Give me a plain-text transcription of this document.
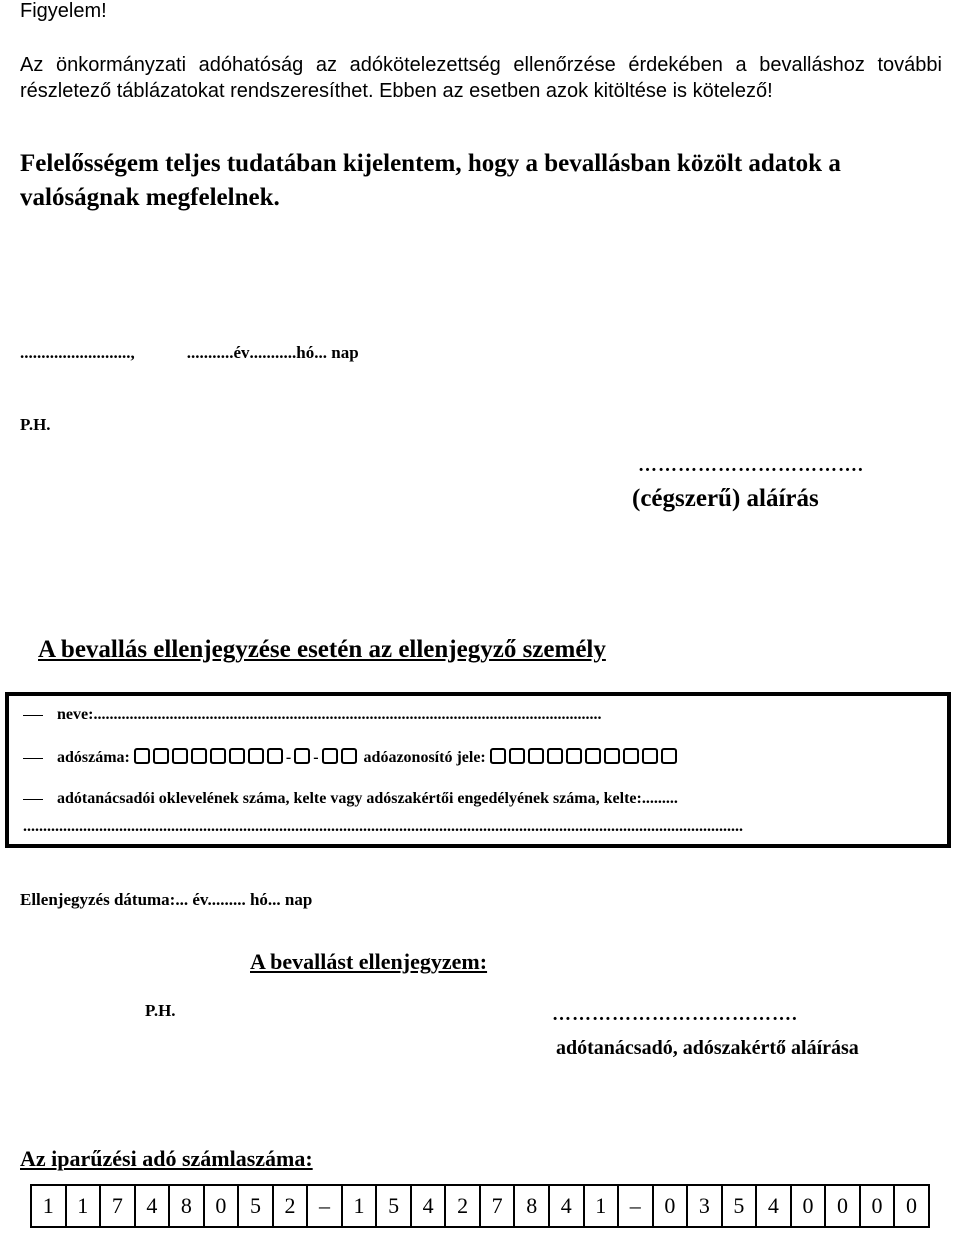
Figyelem!
Az önkormányzati adóhatóság az adókötelezettség ellenőrzése érdekében a bevalláshoz további részletező táblázatokat rendszeresíthet. Ebben az esetben azok kitöltése is kötelező!
Felelősségem teljes tudatában kijelentem, hogy a bevallásban közölt adatok a valóságnak megfelelnek.
..........................,	...........év...........hó... nap
P.H.
…………………………….
(cégszerű) aláírás
A bevallás ellenjegyzése esetén az ellenjegyző személy
neve:...............................................................................................................................
adószáma:	- -	adóazonosító jele:
adótanácsadói oklevelének száma, kelte vagy adószakértői engedélyének száma, kelte:.........
....................................................................................................................................................................................
Ellenjegyzés dátuma:... év......... hó... nap
A bevallást ellenjegyzem:
P.H.	……………………………….
adótanácsadó, adószakértő aláírása
Az iparűzési adó számlaszáma:
1	1	7	4	8	0	5	2	–	1	5	4	2	7	8	4	1	–	0	3	5	4	0	0	0	0
